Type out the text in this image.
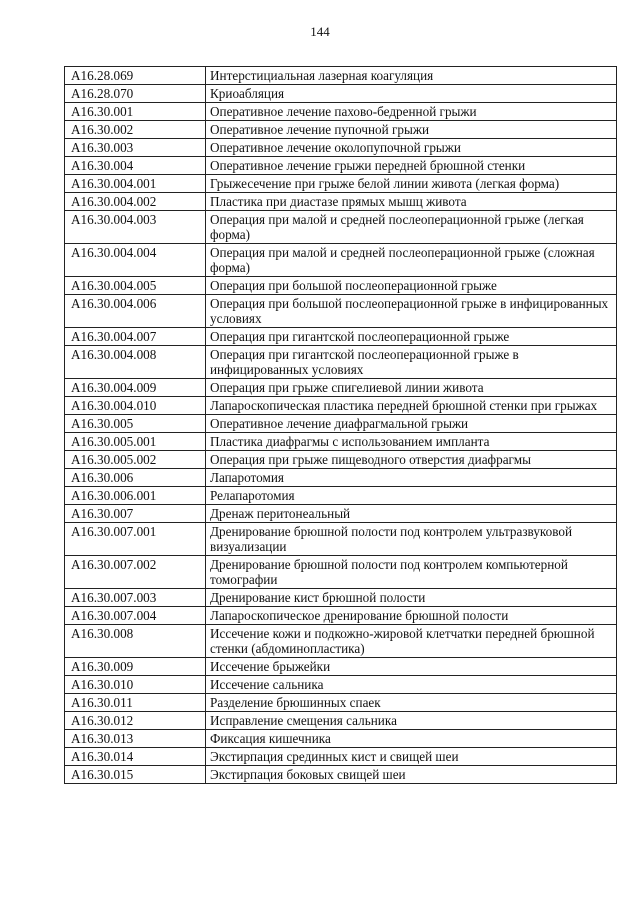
144
A16.28.069	Интерстициальная лазерная коагуляция
A16.28.070	Криоабляция
A16.30.001	Оперативное лечение пахово-бедренной грыжи
A16.30.002	Оперативное лечение пупочной грыжи
A16.30.003	Оперативное лечение околопупочной грыжи
A16.30.004	Оперативное лечение грыжи передней брюшной стенки
A16.30.004.001	Грыжесечение при грыже белой линии живота (легкая форма)
A16.30.004.002	Пластика при диастазе прямых мышц живота
A16.30.004.003	Операция при малой и средней послеоперационной грыже (легкая форма)
A16.30.004.004	Операция при малой и средней послеоперационной грыже (сложная форма)
A16.30.004.005	Операция при большой послеоперационной грыже
A16.30.004.006	Операция при большой послеоперационной грыже в инфицированных условиях
A16.30.004.007	Операция при гигантской послеоперационной грыже
A16.30.004.008	Операция при гигантской послеоперационной грыже в инфицированных условиях
A16.30.004.009	Операция при грыже спигелиевой линии живота
A16.30.004.010	Лапароскопическая пластика передней брюшной стенки при грыжах
A16.30.005	Оперативное лечение диафрагмальной грыжи
A16.30.005.001	Пластика диафрагмы с использованием импланта
A16.30.005.002	Операция при грыже пищеводного отверстия диафрагмы
A16.30.006	Лапаротомия
A16.30.006.001	Релапаротомия
A16.30.007	Дренаж перитонеальный
A16.30.007.001	Дренирование брюшной полости под контролем ультразвуковой визуализации
A16.30.007.002	Дренирование брюшной полости под контролем компьютерной томографии
A16.30.007.003	Дренирование кист брюшной полости
A16.30.007.004	Лапароскопическое дренирование брюшной полости
A16.30.008	Иссечение кожи и подкожно-жировой клетчатки передней брюшной стенки (абдоминопластика)
A16.30.009	Иссечение брыжейки
A16.30.010	Иссечение сальника
A16.30.011	Разделение брюшинных спаек
A16.30.012	Исправление смещения сальника
A16.30.013	Фиксация кишечника
A16.30.014	Экстирпация срединных кист и свищей шеи
A16.30.015	Экстирпация боковых свищей шеи
